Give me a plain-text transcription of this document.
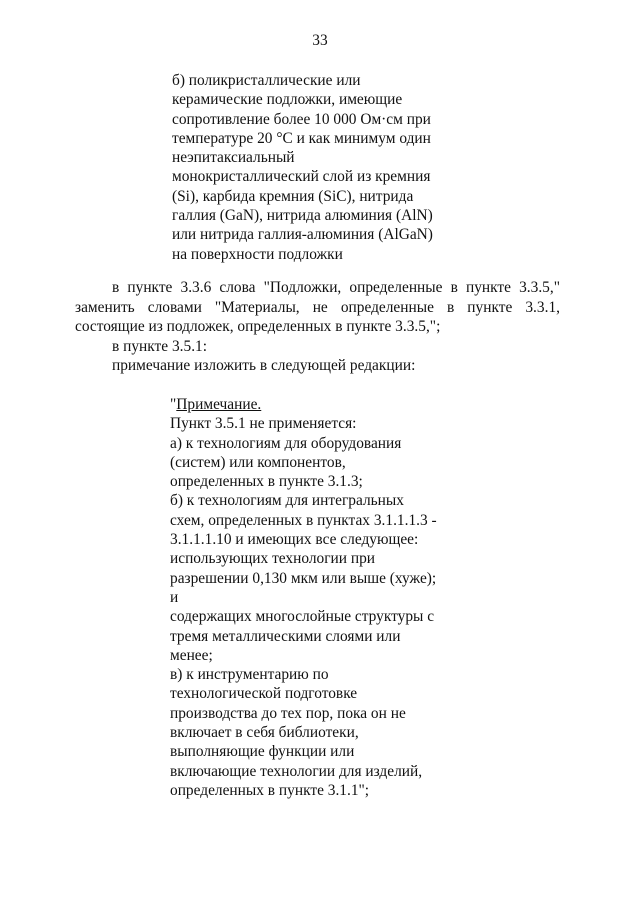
33
б) поликристаллические или
керамические подложки, имеющие
сопротивление более 10 000 Ом·см при
температуре 20 °С и как минимум один
неэпитаксиальный
монокристаллический слой из кремния
(Si), карбида кремния (SiC), нитрида
галлия (GaN), нитрида алюминия (AlN)
или нитрида галлия-алюминия (AlGaN)
на поверхности подложки
в пункте 3.3.6 слова "Подложки, определенные в пункте 3.3.5,"
заменить словами "Материалы, не определенные в пункте 3.3.1,
состоящие из подложек, определенных в пункте 3.3.5,";
в пункте 3.5.1:
примечание изложить в следующей редакции:
"Примечание.
Пункт 3.5.1 не применяется:
а) к технологиям для оборудования
(систем) или компонентов,
определенных в пункте 3.1.3;
б) к технологиям для интегральных
схем, определенных в пунктах 3.1.1.1.3 -
3.1.1.1.10 и имеющих все следующее:
использующих технологии при
разрешении 0,130 мкм или выше (хуже);
и
содержащих многослойные структуры с
тремя металлическими слоями или
менее;
в) к инструментарию по
технологической подготовке
производства до тех пор, пока он не
включает в себя библиотеки,
выполняющие функции или
включающие технологии для изделий,
определенных в пункте 3.1.1";
